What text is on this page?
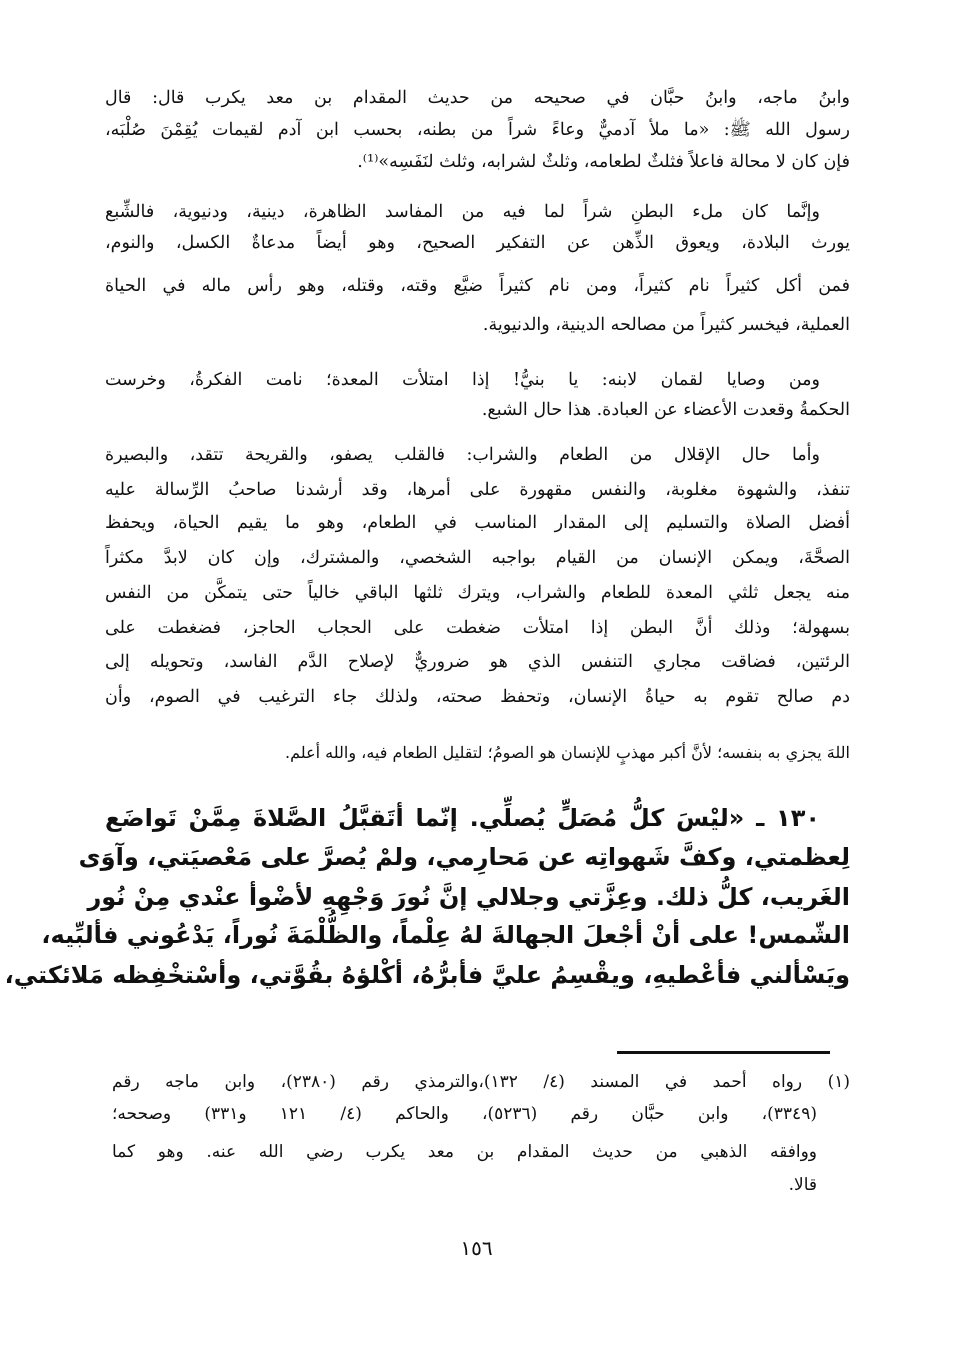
وابنُ ماجه، وابنُ حبَّان في صحيحه من حديث المقدام بن معد يكرب قال: قال
رسول الله ﷺ: «ما ملأ آدميٌّ وعاءً شراً من بطنه، بحسب ابن آدم لقيمات يُقِمْنَ صُلْبَه،
فإن كان لا محالة فاعلاً فثلثٌ لطعامه، وثلثٌ لشرابه، وثلث لنَفَسِه»⁽¹⁾.
وإنَّما كان ملء البطنِ شراً لما فيه من المفاسد الظاهرة، دينية، ودنيوية، فالشِّبع
يورث البلادة، ويعوق الذِّهن عن التفكير الصحيح، وهو أيضاً مدعاةٌ الكسل، والنوم،
فمن أكل كثيراً نام كثيراً، ومن نام كثيراً ضيَّع وقته، وقتله، وهو رأس ماله في الحياة
العملية، فيخسر كثيراً من مصالحه الدينية، والدنيوية.
ومن وصايا لقمان لابنه: يا بنيُّ! إذا امتلأت المعدة؛ نامت الفكرةُ، وخرست
الحكمةُ وقعدت الأعضاء عن العبادة. هذا حال الشبع.
وأما حال الإقلال من الطعام والشراب: فالقلب يصفو، والقريحة تتقد، والبصيرة
تنفذ، والشهوة مغلوبة، والنفس مقهورة على أمرها، وقد أرشدنا صاحبُ الرِّسالة عليه
أفضل الصلاة والتسليم إلى المقدار المناسب في الطعام، وهو ما يقيم الحياة، ويحفظ
الصحَّةَ، ويمكن الإنسان من القيام بواجبه الشخصي، والمشترك، وإن كان لابدَّ مكثراً
منه يجعل ثلثي المعدة للطعام والشراب، ويترك ثلثها الباقي خالياً حتى يتمكَّن من النفس
بسهولة؛ وذلك أنَّ البطن إذا امتلأت ضغطت على الحجاب الحاجز، فضغطت على
الرئتين، فضاقت مجاري التنفس الذي هو ضروريٌّ لإصلاح الدَّم الفاسد، وتحويله إلى
دم صالح تقوم به حياةُ الإنسان، وتحفظ صحته، ولذلك جاء الترغيب في الصوم، وأن
اللهَ يجزي به بنفسه؛ لأنَّ أكبر مهذبٍ للإنسان هو الصومُ؛ لتقليل الطعام فيه، والله أعلم.
١٣٠ ـ «ليْسَ كلُّ مُصَلٍّ يُصلِّي. إنّما أتَقبَّلُ الصَّلاةَ مِمَّنْ تَواضَع
لِعظمتي، وكفَّ شَهواتِه عن مَحارِمي، ولمْ يُصرَّ على مَعْصيَتي، وآوَى
الغَريب، كلُّ ذلك. وعِزَّتي وجلالي إنَّ نُورَ وَجْهِهِ لأضْوأ عنْدي مِنْ نُور
الشّمس! على أنْ أجْعلَ الجهالةَ لهُ عِلْماً، والظُّلْمَةَ نُوراً، يَدْعُوني فألبِّيه،
ويَسْألني فأعْطيهِ، ويقْسِمُ عليَّ فأبرُّهُ، أكْلؤهُ بقُوَّتي، وأسْتخْفِظه مَلائكتي،
(١) رواه أحمد في المسند (٤/ ١٣٢)،والترمذي رقم (٢٣٨٠)، وابن ماجه رقم
(٣٣٤٩)، وابن حبَّان رقم (٥٢٣٦)، والحاكم (٤/ ١٢١ و٣٣١) وصححه؛
ووافقه الذهبي من حديث المقدام بن معد يكرب رضي الله عنه. وهو كما
قالا.
١٥٦
